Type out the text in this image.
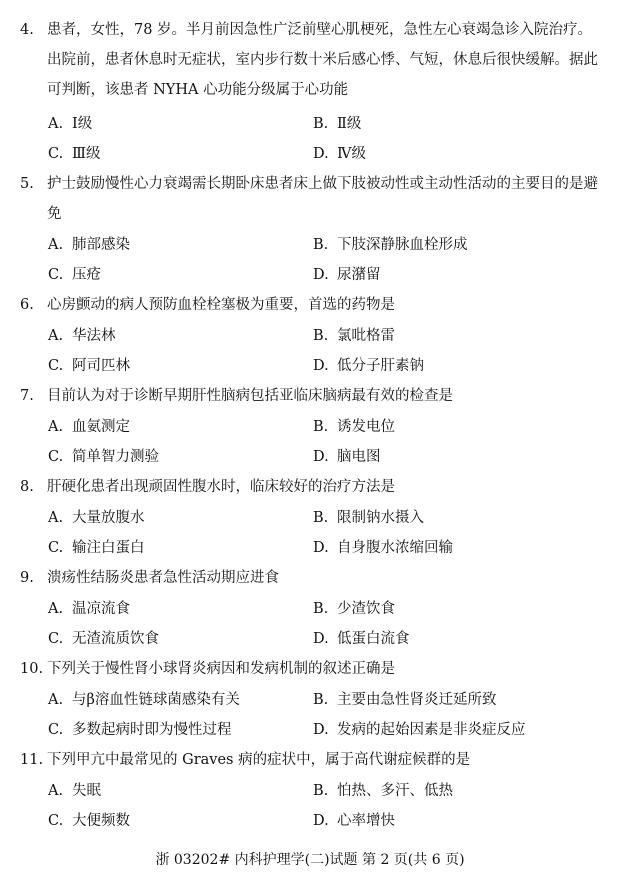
4. 患者，女性，78 岁。半月前因急性广泛前壁心肌梗死，急性左心衰竭急诊入院治疗。出院前，患者休息时无症状，室内步行数十米后感心悸、气短，休息后很快缓解。据此可判断，该患者 NYHA 心功能分级属于心功能
A. Ⅰ级	B. Ⅱ级
C. Ⅲ级	D. Ⅳ级
5. 护士鼓励慢性心力衰竭需长期卧床患者床上做下肢被动性或主动性活动的主要目的是避免
A. 肺部感染	B. 下肢深静脉血栓形成
C. 压疮	D. 尿潴留
6. 心房颤动的病人预防血栓栓塞极为重要，首选的药物是
A. 华法林	B. 氯吡格雷
C. 阿司匹林	D. 低分子肝素钠
7. 目前认为对于诊断早期肝性脑病包括亚临床脑病最有效的检查是
A. 血氨测定	B. 诱发电位
C. 简单智力测验	D. 脑电图
8. 肝硬化患者出现顽固性腹水时，临床较好的治疗方法是
A. 大量放腹水	B. 限制钠水摄入
C. 输注白蛋白	D. 自身腹水浓缩回输
9. 溃疡性结肠炎患者急性活动期应进食
A. 温凉流食	B. 少渣饮食
C. 无渣流质饮食	D. 低蛋白流食
10. 下列关于慢性肾小球肾炎病因和发病机制的叙述正确是
A. 与β溶血性链球菌感染有关	B. 主要由急性肾炎迁延所致
C. 多数起病时即为慢性过程	D. 发病的起始因素是非炎症反应
11. 下列甲亢中最常见的 Graves 病的症状中，属于高代谢症候群的是
A. 失眠	B. 怕热、多汗、低热
C. 大便频数	D. 心率增快
浙 03202# 内科护理学(二)试题 第 2 页(共 6 页)
